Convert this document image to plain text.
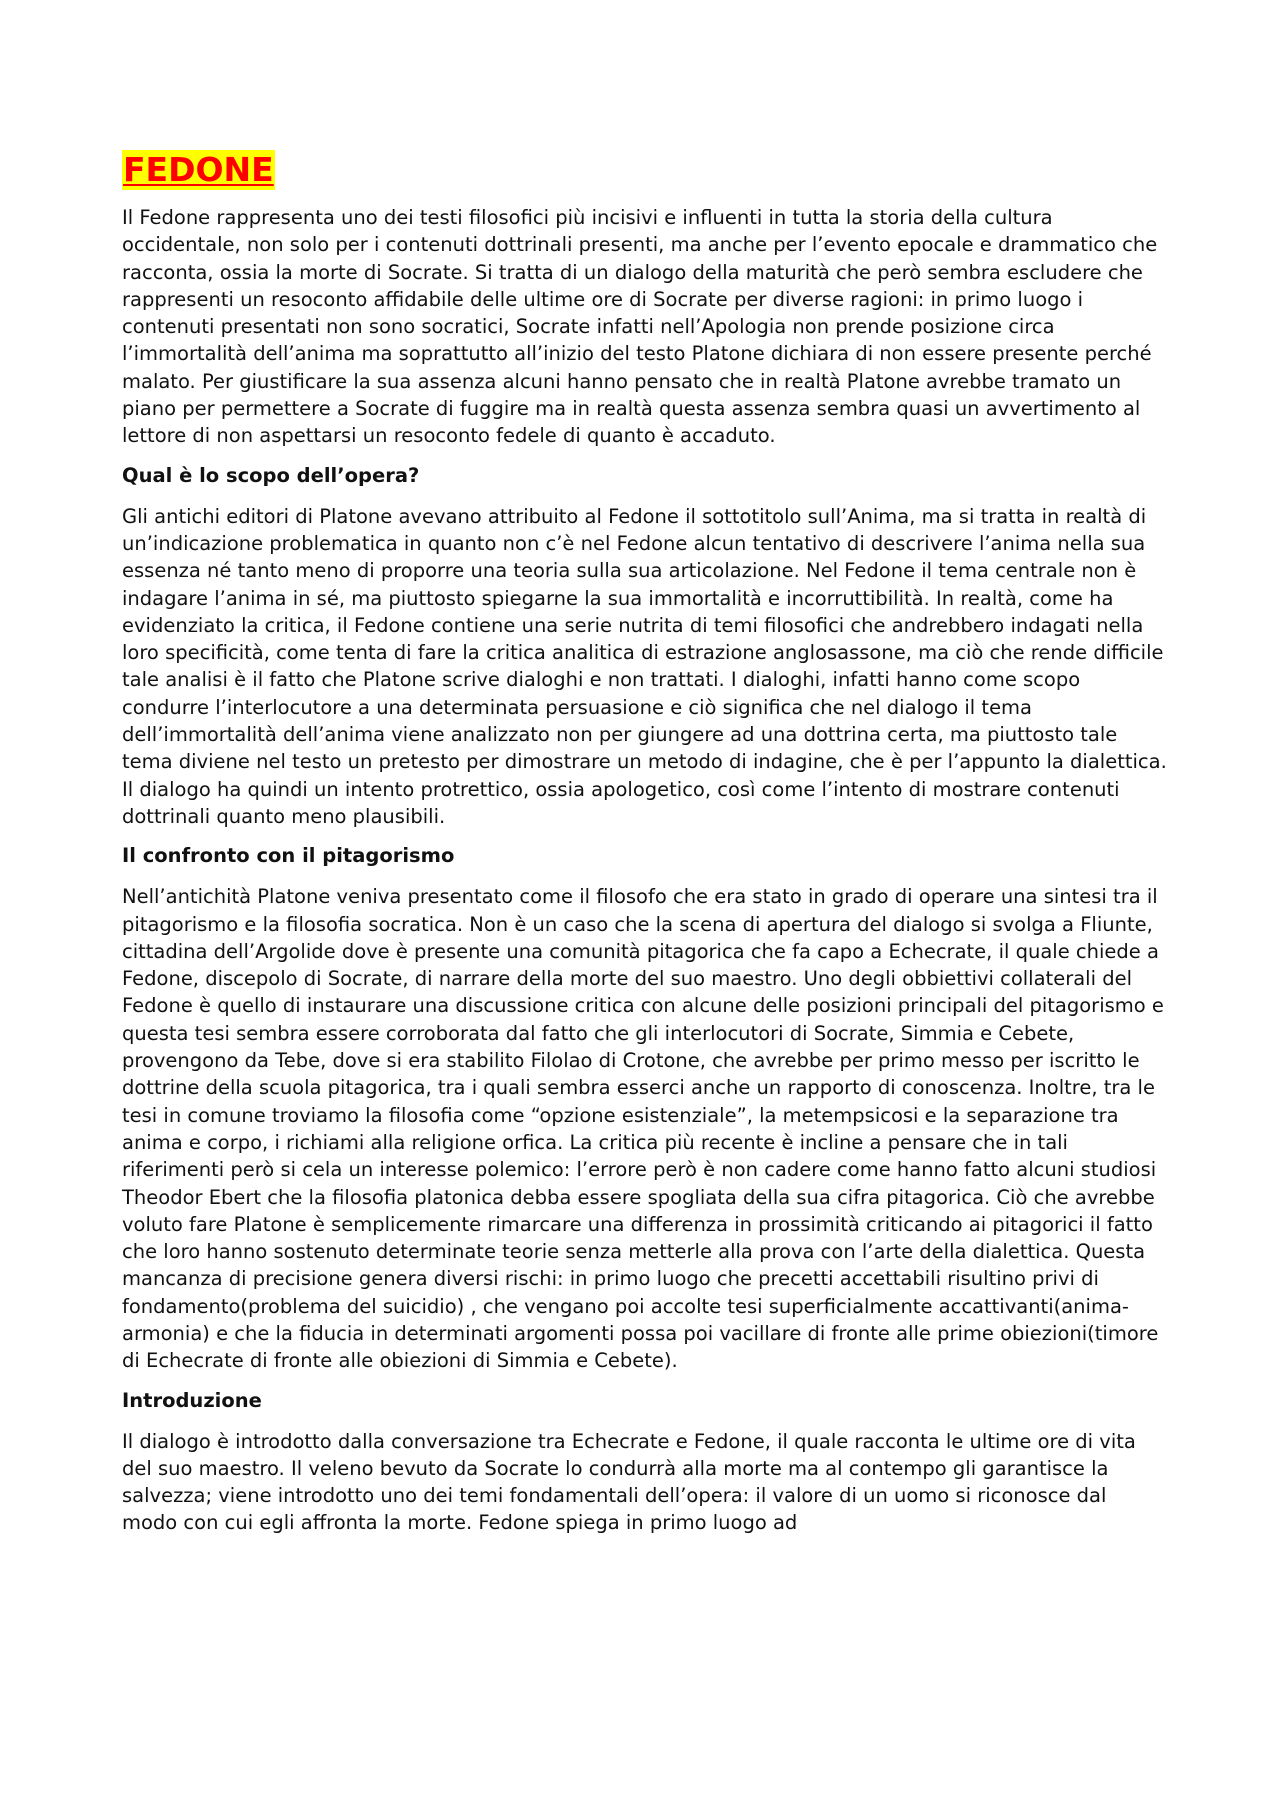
FEDONE

Il Fedone rappresenta uno dei testi filosofici più incisivi e influenti in tutta la storia della cultura occidentale, non solo per i contenuti dottrinali presenti, ma anche per l’evento epocale e drammatico che racconta, ossia la morte di Socrate. Si tratta di un dialogo della maturità che però sembra escludere che rappresenti un resoconto affidabile delle ultime ore di Socrate per diverse ragioni: in primo luogo i contenuti presentati non sono socratici, Socrate infatti nell’Apologia non prende posizione circa l’immortalità dell’anima ma soprattutto all’inizio del testo Platone dichiara di non essere presente perché malato. Per giustificare la sua assenza alcuni hanno pensato che in realtà Platone avrebbe tramato un piano per permettere a Socrate di fuggire ma in realtà questa assenza sembra quasi un avvertimento al lettore di non aspettarsi un resoconto fedele di quanto è accaduto.

Qual è lo scopo dell’opera?

Gli antichi editori di Platone avevano attribuito al Fedone il sottotitolo sull’Anima, ma si tratta in realtà di un’indicazione problematica in quanto non c’è nel Fedone alcun tentativo di descrivere l’anima nella sua essenza né tanto meno di proporre una teoria sulla sua articolazione. Nel Fedone il tema centrale non è indagare l’anima in sé, ma piuttosto spiegarne la sua immortalità e incorruttibilità. In realtà, come ha evidenziato la critica, il Fedone contiene una serie nutrita di temi filosofici che andrebbero indagati nella loro specificità, come tenta di fare la critica analitica di estrazione anglosassone, ma ciò che rende difficile tale analisi è il fatto che Platone scrive dialoghi e non trattati. I dialoghi, infatti hanno come scopo condurre l’interlocutore a una determinata persuasione e ciò significa che nel dialogo il tema dell’immortalità dell’anima viene analizzato non per giungere ad una dottrina certa, ma piuttosto tale tema diviene nel testo un pretesto per dimostrare un metodo di indagine, che è per l’appunto la dialettica. Il dialogo ha quindi un intento protrettico, ossia apologetico, così come l’intento di mostrare contenuti dottrinali quanto meno plausibili.

Il confronto con il pitagorismo

Nell’antichità Platone veniva presentato come il filosofo che era stato in grado di operare una sintesi tra il pitagorismo e la filosofia socratica. Non è un caso che la scena di apertura del dialogo si svolga a Fliunte, cittadina dell’Argolide dove è presente una comunità pitagorica che fa capo a Echecrate, il quale chiede a Fedone, discepolo di Socrate, di narrare della morte del suo maestro. Uno degli obbiettivi collaterali del Fedone è quello di instaurare una discussione critica con alcune delle posizioni principali del pitagorismo e questa tesi sembra essere corroborata dal fatto che gli interlocutori di Socrate, Simmia e Cebete, provengono da Tebe, dove si era stabilito Filolao di Crotone, che avrebbe per primo messo per iscritto le dottrine della scuola pitagorica, tra i quali sembra esserci anche un rapporto di conoscenza. Inoltre, tra le tesi in comune troviamo la filosofia come “opzione esistenziale”, la metempsicosi e la separazione tra anima e corpo, i richiami alla religione orfica. La critica più recente è incline a pensare che in tali riferimenti però si cela un interesse polemico: l’errore però è non cadere come hanno fatto alcuni studiosi Theodor Ebert che la filosofia platonica debba essere spogliata della sua cifra pitagorica. Ciò che avrebbe voluto fare Platone è semplicemente rimarcare una differenza in prossimità criticando ai pitagorici il fatto che loro hanno sostenuto determinate teorie senza metterle alla prova con l’arte della dialettica. Questa mancanza di precisione genera diversi rischi: in primo luogo che precetti accettabili risultino privi di fondamento(problema del suicidio) , che vengano poi accolte tesi superficialmente accattivanti(anima-armonia) e che la fiducia in determinati argomenti possa poi vacillare di fronte alle prime obiezioni(timore di Echecrate di fronte alle obiezioni di Simmia e Cebete).

Introduzione

Il dialogo è introdotto dalla conversazione tra Echecrate e Fedone, il quale racconta le ultime ore di vita del suo maestro. Il veleno bevuto da Socrate lo condurrà alla morte ma al contempo gli garantisce la salvezza; viene introdotto uno dei temi fondamentali dell’opera: il valore di un uomo si riconosce dal modo con cui egli affronta la morte. Fedone spiega in primo luogo ad
